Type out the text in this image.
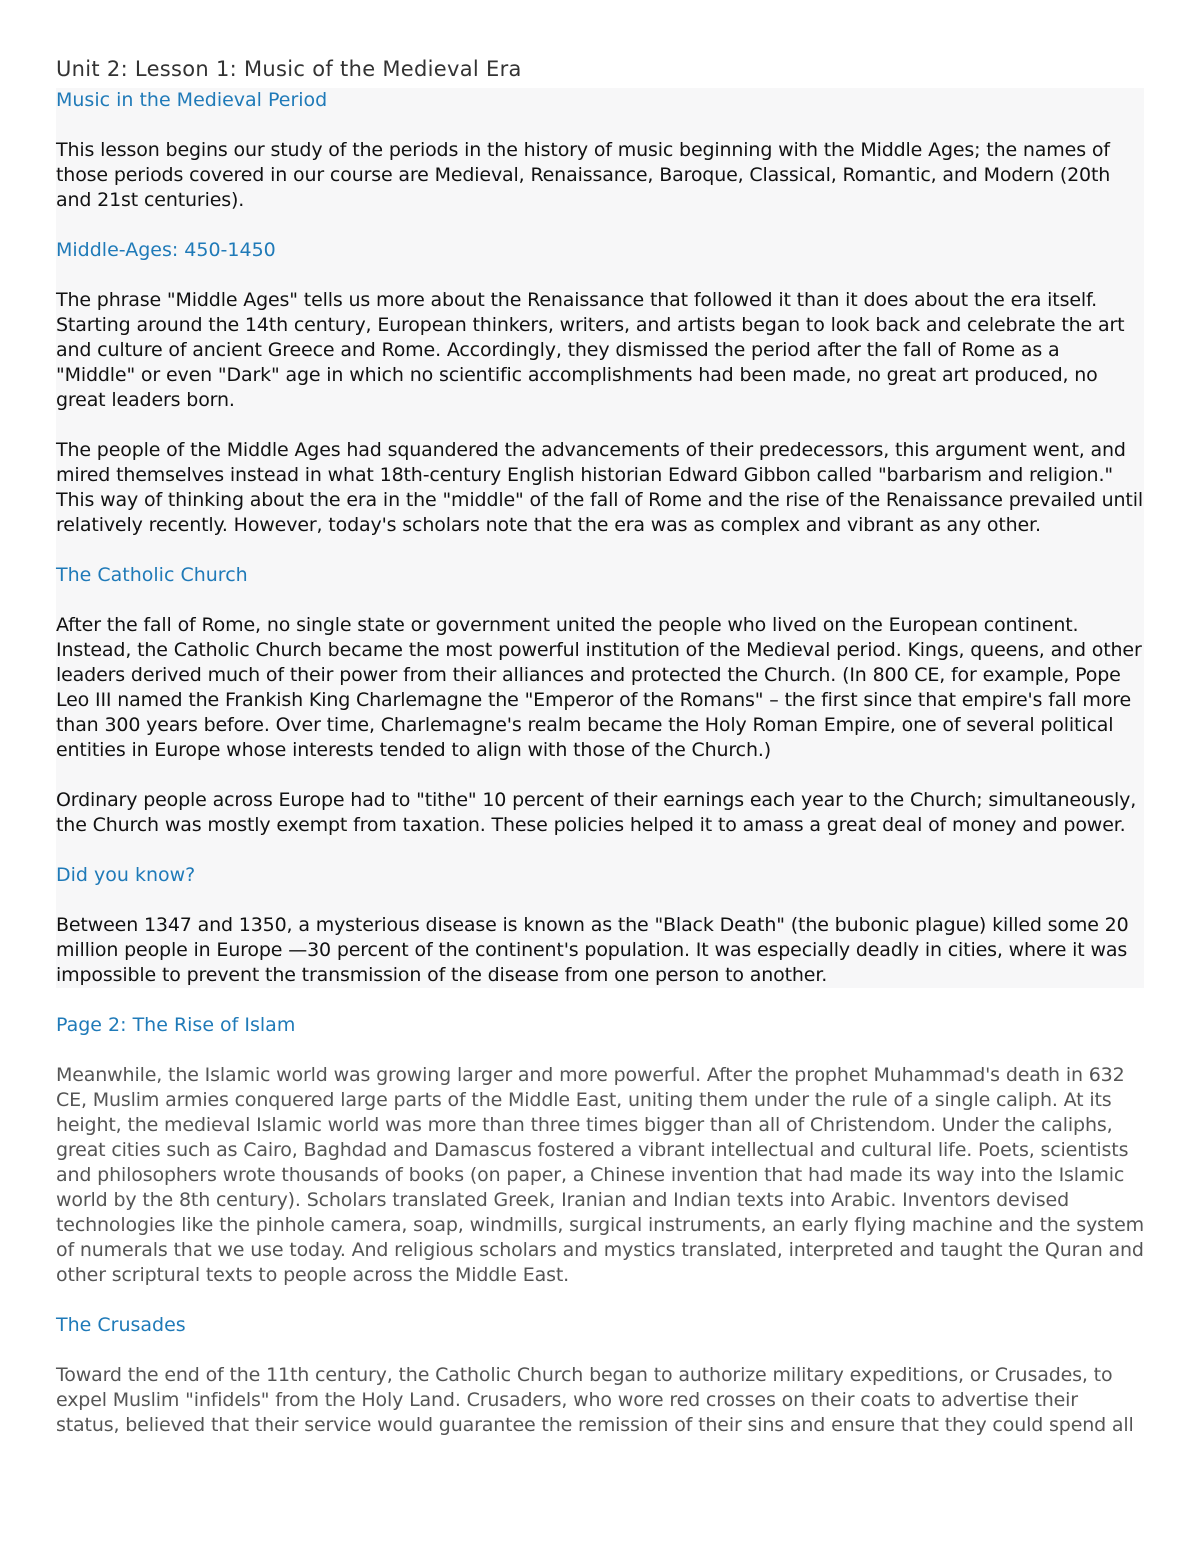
Unit 2: Lesson 1: Music of the Medieval Era
Music in the Medieval Period
This lesson begins our study of the periods in the history of music beginning with the Middle Ages; the names of those periods covered in our course are Medieval, Renaissance, Baroque, Classical, Romantic, and Modern (20th and 21st centuries).
Middle-Ages: 450-1450
The phrase "Middle Ages" tells us more about the Renaissance that followed it than it does about the era itself. Starting around the 14th century, European thinkers, writers, and artists began to look back and celebrate the art and culture of ancient Greece and Rome. Accordingly, they dismissed the period after the fall of Rome as a "Middle" or even "Dark" age in which no scientific accomplishments had been made, no great art produced, no great leaders born.
The people of the Middle Ages had squandered the advancements of their predecessors, this argument went, and mired themselves instead in what 18th-century English historian Edward Gibbon called "barbarism and religion." This way of thinking about the era in the "middle" of the fall of Rome and the rise of the Renaissance prevailed until relatively recently. However, today's scholars note that the era was as complex and vibrant as any other.
The Catholic Church
After the fall of Rome, no single state or government united the people who lived on the European continent. Instead, the Catholic Church became the most powerful institution of the Medieval period. Kings, queens, and other leaders derived much of their power from their alliances and protected the Church. (In 800 CE, for example, Pope Leo III named the Frankish King Charlemagne the "Emperor of the Romans" – the first since that empire's fall more than 300 years before. Over time, Charlemagne's realm became the Holy Roman Empire, one of several political entities in Europe whose interests tended to align with those of the Church.)
Ordinary people across Europe had to "tithe" 10 percent of their earnings each year to the Church; simultaneously, the Church was mostly exempt from taxation. These policies helped it to amass a great deal of money and power.
Did you know?
Between 1347 and 1350, a mysterious disease is known as the "Black Death" (the bubonic plague) killed some 20 million people in Europe —30 percent of the continent's population. It was especially deadly in cities, where it was impossible to prevent the transmission of the disease from one person to another.
Page 2: The Rise of Islam
Meanwhile, the Islamic world was growing larger and more powerful. After the prophet Muhammad's death in 632 CE, Muslim armies conquered large parts of the Middle East, uniting them under the rule of a single caliph. At its height, the medieval Islamic world was more than three times bigger than all of Christendom. Under the caliphs, great cities such as Cairo, Baghdad and Damascus fostered a vibrant intellectual and cultural life. Poets, scientists and philosophers wrote thousands of books (on paper, a Chinese invention that had made its way into the Islamic world by the 8th century). Scholars translated Greek, Iranian and Indian texts into Arabic. Inventors devised technologies like the pinhole camera, soap, windmills, surgical instruments, an early flying machine and the system of numerals that we use today. And religious scholars and mystics translated, interpreted and taught the Quran and other scriptural texts to people across the Middle East.
The Crusades
Toward the end of the 11th century, the Catholic Church began to authorize military expeditions, or Crusades, to expel Muslim "infidels" from the Holy Land. Crusaders, who wore red crosses on their coats to advertise their status, believed that their service would guarantee the remission of their sins and ensure that they could spend all
